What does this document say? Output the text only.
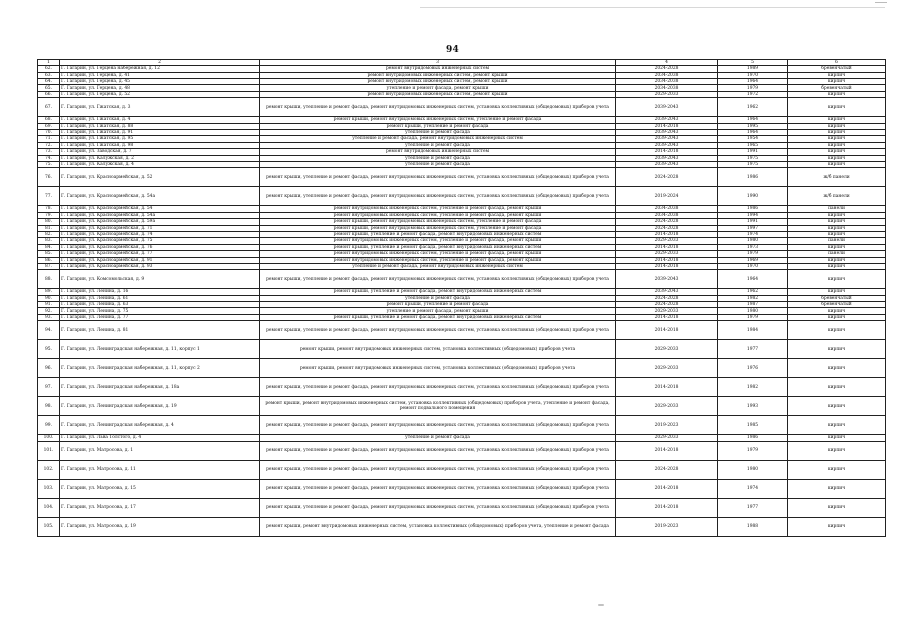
94
1	2	3	4	5	6
62.	Г. Гагарин, ул. Герцена набережная, д. 12	ремонт внутридомовых инженерных систем	2024-2028	1989	бревенчатый
63.	Г. Гагарин, ул. Герцена, д. 41	ремонт внутридомовых инженерных систем, ремонт крыши	2034-2038	1970	кирпич
64.	Г. Гагарин, ул. Герцена, д. 45	ремонт внутридомовых инженерных систем, ремонт крыши	2034-2038	1964	кирпич
65.	Г. Гагарин, ул. Герцена, д. 48	утепление и ремонт фасада, ремонт крыши	2034-2038	1979	бревенчатый
66.	Г. Гагарин, ул. Герцена, д. 52	ремонт внутридомовых инженерных систем, ремонт крыши	2029-2033	1972	кирпич
67.	Г. Гагарин, ул. Гжатская, д. 3	ремонт крыши, утепление и ремонт фасада, ремонт внутридомовых инженерных систем, установка коллективных (общедомовых) приборов учета	2039-2043	1962	кирпич
68.	Г. Гагарин, ул. Гжатская, д. 4	ремонт крыши, ремонт внутридомовых инженерных систем, утепление и ремонт фасада	2039-2043	1964	кирпич
69.	Г. Гагарин, ул. Гжатская, д. 88	ремонт крыши, утепление и ремонт фасада	2014-2018	1995	кирпич
70.	Г. Гагарин, ул. Гжатская, д. 91	утепление и ремонт фасада	2039-2043	1964	кирпич
71.	Г. Гагарин, ул. Гжатская, д. 95	утепление и ремонт фасада, ремонт внутридомовых инженерных систем	2039-2043	1954	кирпич
72.	Г. Гагарин, ул. Гжатская, д. 98	утепление и ремонт фасада	2039-2043	1965	кирпич
73.	Г. Гагарин, ул. Заводская, д. 7	ремонт внутридомовых инженерных систем	2014-2018	1991	кирпич
74.	Г. Гагарин, ул. Калужская, д. 2	утепление и ремонт фасада	2039-2043	1975	кирпич
75.	Г. Гагарин, ул. Калужская, д. 4	утепление и ремонт фасада	2039-2043	1975	кирпич
76.	Г. Гагарин, ул. Красноармейская, д. 52	ремонт крыши, утепление и ремонт фасада, ремонт внутридомовых инженерных систем, установка коллективных (общедомовых) приборов учета	2024-2028	1986	ж/б панели
77.	Г. Гагарин, ул. Красноармейская, д. 54а	ремонт крыши, утепление и ремонт фасада, ремонт внутридомовых инженерных систем, установка коллективных (общедомовых) приборов учета	2019-2024	1990	ж/б панели
78.	Г. Гагарин, ул. Красноармейская, д. 54	ремонт внутридомовых инженерных систем, утепление и ремонт фасада, ремонт крыши	2034-2038	1986	панели
79.	Г. Гагарин, ул. Красноармейская, д. 54а	ремонт внутридомовых инженерных систем, утепление и ремонт фасада, ремонт крыши	2034-2038	1994	кирпич
80.	Г. Гагарин, ул. Красноармейская, д. 59а	ремонт крыши, ремонт внутридомовых инженерных систем, утепление и ремонт фасада	2024-2028	1991	кирпич
81.	Г. Гагарин, ул. Красноармейская, д. 71	ремонт крыши, ремонт внутридомовых инженерных систем, утепление и ремонт фасада	2024-2028	1997	кирпич
82.	Г. Гагарин, ул. Красноармейская, д. 74	ремонт крыши, утепление и ремонт фасада, ремонт внутридомовых инженерных систем	2014-2018	1974	кирпич
83.	Г. Гагарин, ул. Красноармейская, д. 75	ремонт внутридомовых инженерных систем, утепление и ремонт фасада, ремонт крыши	2029-2033	1980	панели
84.	Г. Гагарин, ул. Красноармейская, д. 76	ремонт крыши, утепление и ремонт фасада, ремонт внутридомовых инженерных систем	2014-2018	1973	кирпич
85.	Г. Гагарин, ул. Красноармейская, д. 77	ремонт внутридомовых инженерных систем, утепление и ремонт фасада, ремонт крыши	2029-2033	1979	панели
86.	Г. Гагарин, ул. Красноармейская, д. 91	ремонт внутридомовых инженерных систем, утепление и ремонт фасада, ремонт крыши	2014-2018	1969	кирпич
87.	Г. Гагарин, ул. Красноармейская, д. 93	утепление и ремонт фасада, ремонт внутридомовых инженерных систем	2014-2018	1970	кирпич
88.	Г. Гагарин, ул. Комсомольская, д. 9	ремонт крыши, утепление и ремонт фасада, ремонт внутридомовых инженерных систем, установка коллективных (общедомовых) приборов учета	2039-2043	1964	кирпич
89.	Г. Гагарин, ул. Ленина, д. 16	ремонт крыши, утепление и ремонт фасада, ремонт внутридомовых инженерных систем	2039-2043	1962	кирпич
90.	Г. Гагарин, ул. Ленина, д. 61	утепление и ремонт фасада	2024-2028	1982	бревенчатый
91.	Г. Гагарин, ул. Ленина, д. 63	ремонт крыши, утепление и ремонт фасада	2024-2028	1987	бревенчатый
92.	Г. Гагарин, ул. Ленина, д. 75	утепление и ремонт фасада, ремонт крыши	2029-2033	1980	кирпич
93.	Г. Гагарин, ул. Ленина, д. 77	ремонт крыши, утепление и ремонт фасада, ремонт внутридомовых инженерных систем	2014-2018	1979	кирпич
94.	Г. Гагарин, ул. Ленина, д. 81	ремонт крыши, утепление и ремонт фасада, ремонт внутридомовых инженерных систем, установка коллективных (общедомовых) приборов учета	2014-2018	1984	кирпич
95.	Г. Гагарин, ул. Ленинградская набережная, д. 11, корпус 1	ремонт крыши, ремонт внутридомовых инженерных систем, установка коллективных (общедомовых) приборов учета	2029-2033	1977	кирпич
96.	Г. Гагарин, ул. Ленинградская набережная, д. 11, корпус 2	ремонт крыши, ремонт внутридомовых инженерных систем, установка коллективных (общедомовых) приборов учета	2029-2033	1976	кирпич
97.	Г. Гагарин, ул. Ленинградская набережная, д. 18а	ремонт крыши, утепление и ремонт фасада, ремонт внутридомовых инженерных систем, установка коллективных (общедомовых) приборов учета	2014-2018	1982	кирпич
98.	Г. Гагарин, ул. Ленинградская набережная, д. 19	ремонт крыши, ремонт внутридомовых инженерных систем, установка коллективных (общедомовых) приборов учета, утепление и ремонт фасада, ремонт подвального помещения	2029-2033	1993	кирпич
99.	Г. Гагарин, ул. Ленинградская набережная, д. 4	ремонт крыши, утепление и ремонт фасада, ремонт внутридомовых инженерных систем, установка коллективных (общедомовых) приборов учета	2019-2023	1985	кирпич
100.	Г. Гагарин, ул. Льва Толстого, д. 4	утепление и ремонт фасада	2029-2033	1986	кирпич
101.	Г. Гагарин, ул. Матросова, д. 1	ремонт крыши, утепление и ремонт фасада, ремонт внутридомовых инженерных систем, установка коллективных (общедомовых) приборов учета	2014-2018	1979	кирпич
102.	Г. Гагарин, ул. Матросова, д. 11	ремонт крыши, утепление и ремонт фасада, ремонт внутридомовых инженерных систем, установка коллективных (общедомовых) приборов учета	2024-2028	1980	кирпич
103.	Г. Гагарин, ул. Матросова, д. 15	ремонт крыши, утепление и ремонт фасада, ремонт внутридомовых инженерных систем, установка коллективных (общедомовых) приборов учета	2014-2018	1974	кирпич
104.	Г. Гагарин, ул. Матросова, д. 17	ремонт крыши, утепление и ремонт фасада, ремонт внутридомовых инженерных систем, установка коллективных (общедомовых) приборов учета	2014-2018	1977	кирпич
105.	Г. Гагарин, ул. Матросова, д. 19	ремонт крыши, ремонт внутридомовых инженерных систем, установка коллективных (общедомовых) приборов учета, утепление и ремонт фасада	2019-2023	1988	кирпич
